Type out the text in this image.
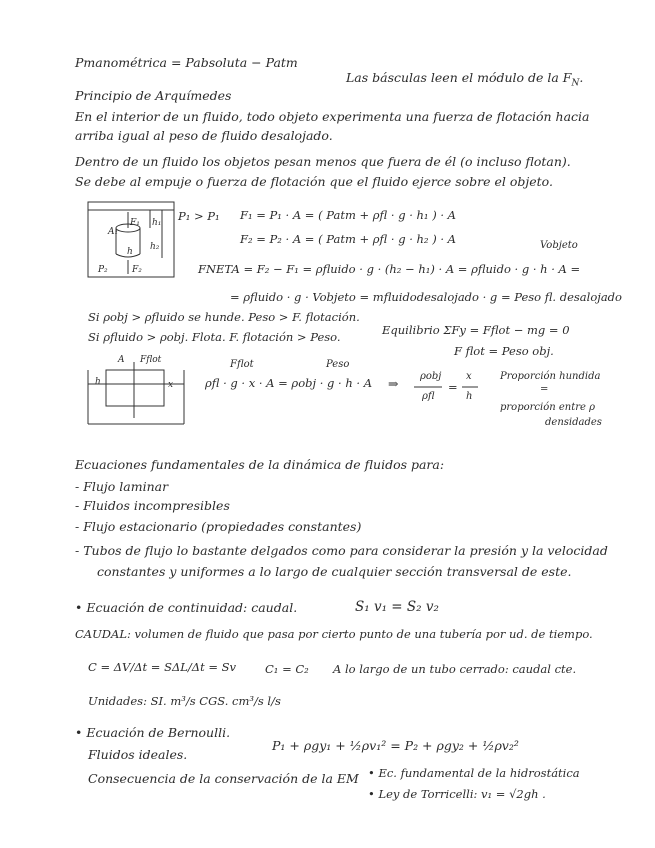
Pmanométrica = Pabsoluta − Patm
Las básculas leen el módulo de la $F_N$.
Principio de Arquímedes
En el interior de un fluido, todo objeto experimenta una fuerza de flotación hacia
arriba igual al peso de fluido desalojado.
Dentro de un fluido los objetos pesan menos que fuera de él (o incluso flotan).
Se debe al empuje o fuerza de flotación que el fluido ejerce sobre el objeto.
A₁
F₁ h₁
h h₂
P₂	F₂
P₁ > P₁ F₁ = P₁ · A = ( Patm + ρfl · g · h₁ ) · A
F₂ = P₂ · A = ( Patm + ρfl · g · h₂ ) · A	Vobjeto
FNETA = F₂ − F₁ = ρfluido · g · (h₂ − h₁) · A = ρfluido · g · h · A =
= ρfluido · g · Vobjeto = mfluidodesalojado · g = Peso fl. desalojado
Si ρobj > ρfluido se hunde. Peso > F. flotación.
Si ρfluido > ρobj. Flota. F. flotación > Peso.	Equilibrio ΣFy = Fflot − mg = 0
F flot = Peso obj.
A Fflot
h	x
Fflot	Peso
ρfl · g · x · A = ρobj · g · h · A ⇒ ρobj
ρfl
=
x
h
Proporción hundida
=
proporción entre ρ
densidades
Ecuaciones fundamentales de la dinámica de fluidos para:
- Flujo laminar
- Fluidos incompresibles
- Flujo estacionario (propiedades constantes)
- Tubos de flujo lo bastante delgados como para considerar la presión y la velocidad
constantes y uniformes a lo largo de cualquier sección transversal de este.
• Ecuación de continuidad: caudal.	S₁ v₁ = S₂ v₂
CAUDAL: volumen de fluido que pasa por cierto punto de una tubería por ud. de tiempo.
C = ΔV/Δt = SΔL/Δt = Sv	C₁ = C₂ A lo largo de un tubo cerrado: caudal cte.
Unidades: SI. m³/s CGS. cm³/s l/s
• Ecuación de Bernoulli.
P₁ + ρgy₁ + ½ρv₁² = P₂ + ρgy₂ + ½ρv₂²
Fluidos ideales.
Consecuencia de la conservación de la EM • Ec. fundamental de la hidrostática
• Ley de Torricelli: v₁ = √2gh .
